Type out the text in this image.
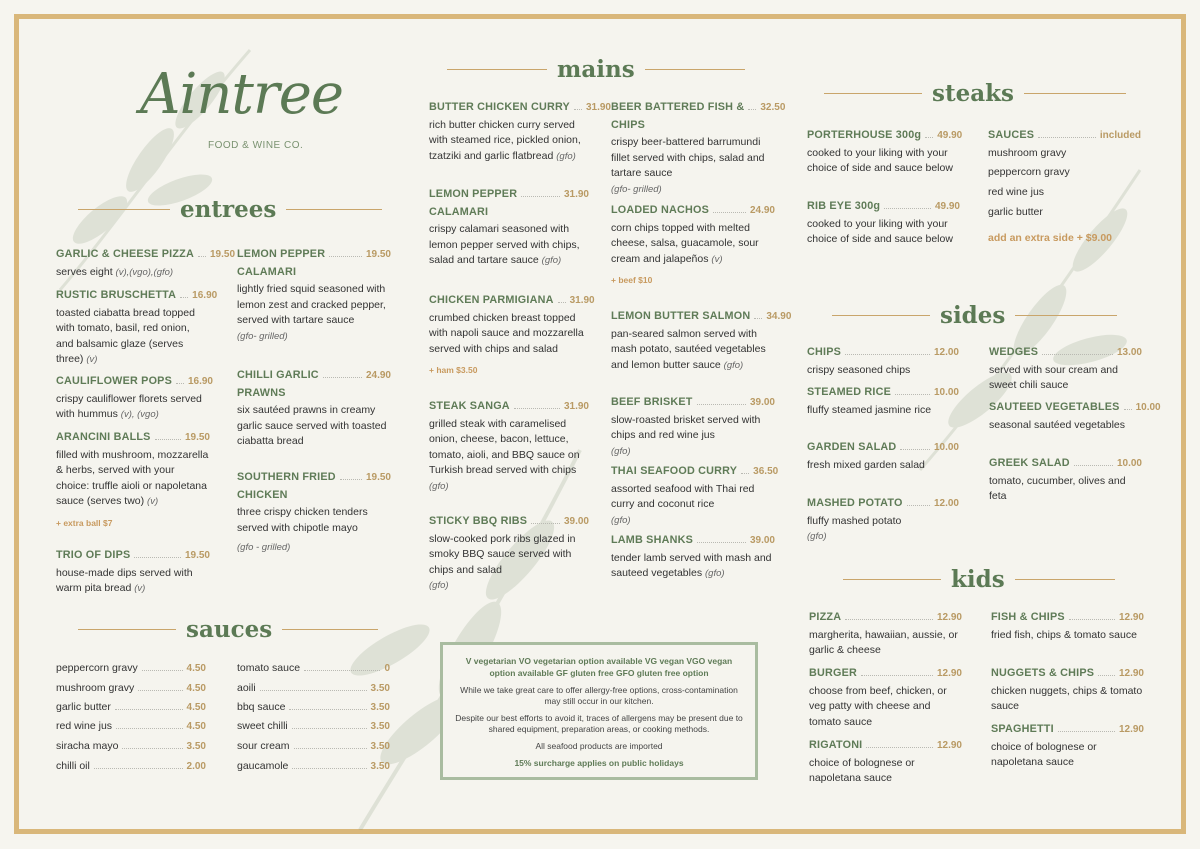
Aintree
FOOD & WINE CO.
entrees
mains
steaks
sides
kids
sauces
GARLIC & CHEESE PIZZA 19.50
serves eight (v),(vgo),(gfo)
RUSTIC BRUSCHETTA 16.90
toasted ciabatta bread topped with tomato, basil, red onion, and balsamic glaze (serves three) (v)
CAULIFLOWER POPS 16.90
crispy cauliflower florets served with hummus (v), (vgo)
ARANCINI BALLS	19.50
filled with mushroom, mozzarella & herbs, served with your choice: truffle aioli or napoletana sauce (serves two) (v)
+ extra ball $7
TRIO OF DIPS	19.50
house-made dips served with warm pita bread (v)
LEMON PEPPER	19.50
CALAMARI
lightly fried squid seasoned with lemon zest and cracked pepper, served with tartare sauce
(gfo- grilled)
CHILLI GARLIC	24.90
PRAWNS
six sautéed prawns in creamy garlic sauce served with toasted ciabatta bread
SOUTHERN FRIED	19.50
CHICKEN
three crispy chicken tenders served with chipotle mayo
(gfo - grilled)
peppercorn gravy	4.50
mushroom gravy	4.50
garlic butter	4.50
red wine jus	4.50
siracha mayo	3.50
chilli oil	2.00
tomato sauce	0
aoili	3.50
bbq sauce	3.50
sweet chilli	3.50
sour cream	3.50
gaucamole	3.50
BUTTER CHICKEN CURRY 31.90
rich butter chicken curry served with steamed rice, pickled onion, tzatziki and garlic flatbread (gfo)
LEMON PEPPER	31.90
CALAMARI
crispy calamari seasoned with lemon pepper served with chips, salad and tartare sauce (gfo)
CHICKEN PARMIGIANA 31.90
crumbed chicken breast topped with napoli sauce and mozzarella served with chips and salad
+ ham $3.50
STEAK SANGA	31.90
grilled steak with caramelised onion, cheese, bacon, lettuce, tomato, aioli, and BBQ sauce on Turkish bread served with chips
(gfo)
STICKY BBQ RIBS	39.00
slow-cooked pork ribs glazed in smoky BBQ sauce served with chips and salad
(gfo)
BEER BATTERED FISH & 32.50
CHIPS
crispy beer-battered barrumundi fillet served with chips, salad and tartare sauce
(gfo- grilled)
LOADED NACHOS	24.90
corn chips topped with melted cheese, salsa, guacamole, sour cream and jalapeños (v)
+ beef $10
LEMON BUTTER SALMON 34.90
pan-seared salmon served with mash potato, sautéed vegetables and lemon butter sauce (gfo)
BEEF BRISKET	39.00
slow-roasted brisket served with chips and red wine jus
(gfo)
THAI SEAFOOD CURRY 36.50
assorted seafood with Thai red curry and coconut rice
(gfo)
LAMB SHANKS	39.00
tender lamb served with mash and sauteed vegetables (gfo)
V vegetarian VO vegetarian option available VG vegan VGO vegan option available GF gluten free GFO gluten free option
While we take great care to offer allergy-free options, cross-contamination may still occur in our kitchen.
Despite our best efforts to avoid it, traces of allergens may be present due to shared equipment, preparation areas, or cooking methods.
All seafood products are imported
15% surcharge applies on public holidays
PORTERHOUSE 300g 49.90
cooked to your liking with your choice of side and sauce below
RIB EYE 300g	49.90
cooked to your liking with your choice of side and sauce below
SAUCES	included
mushroom gravy
peppercorn gravy
red wine jus
garlic butter
add an extra side + $9.00
CHIPS	12.00
crispy seasoned chips
STEAMED RICE	10.00
fluffy steamed jasmine rice
GARDEN SALAD	10.00
fresh mixed garden salad
MASHED POTATO	12.00
fluffy mashed potato
(gfo)
WEDGES	13.00
served with sour cream and sweet chili sauce
SAUTEED VEGETABLES 10.00
seasonal sautéed vegetables
GREEK SALAD	10.00
tomato, cucumber, olives and feta
PIZZA	12.90
margherita, hawaiian, aussie, or garlic & cheese
BURGER	12.90
choose from beef, chicken, or veg patty with cheese and tomato sauce
RIGATONI	12.90
choice of bolognese or napoletana sauce
FISH & CHIPS	12.90
fried fish, chips & tomato sauce
NUGGETS & CHIPS 12.90
chicken nuggets, chips & tomato sauce
SPAGHETTI	12.90
choice of bolognese or napoletana sauce
